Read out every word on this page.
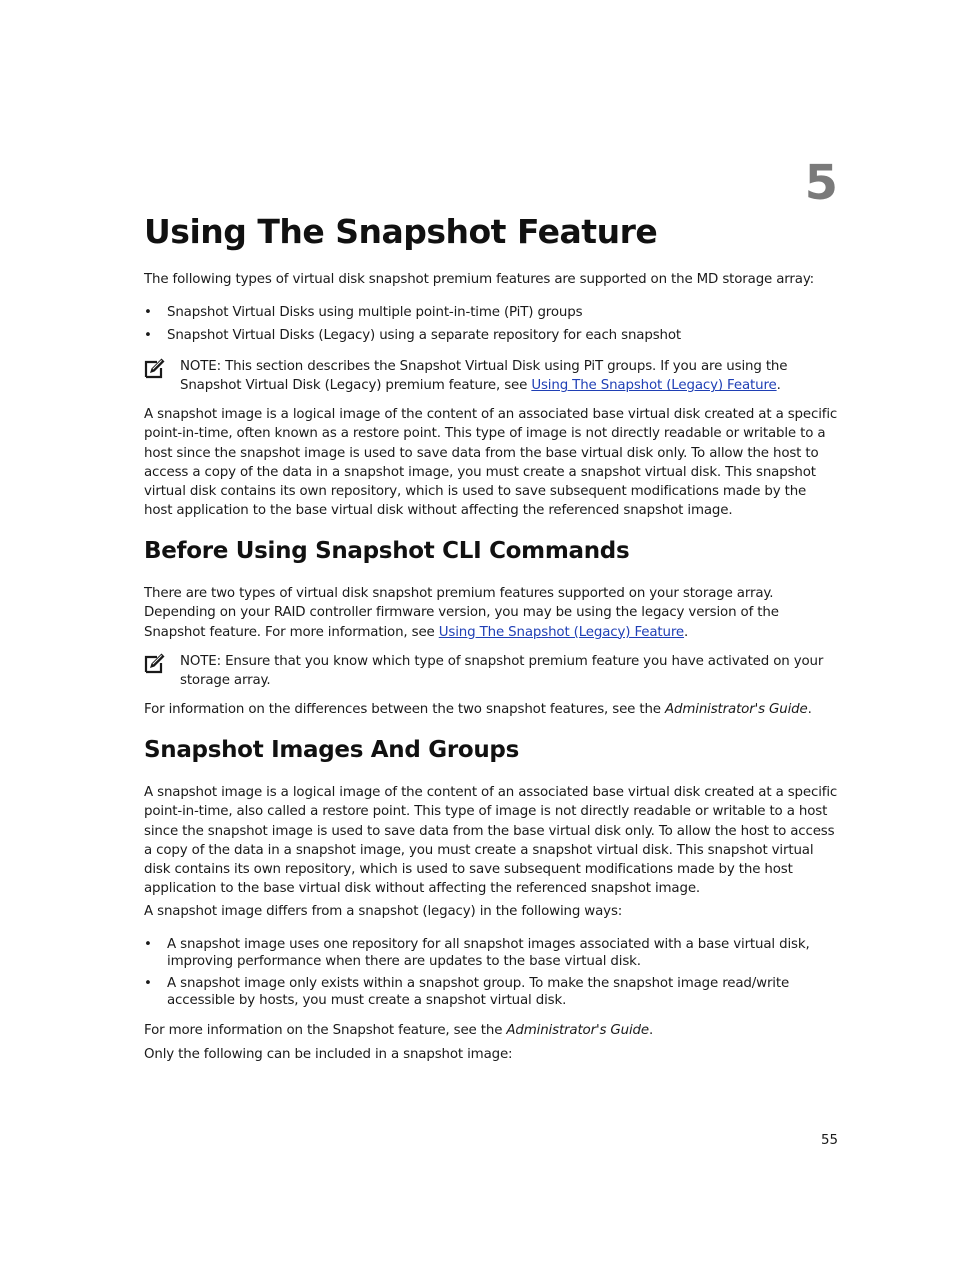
5
Using The Snapshot Feature

The following types of virtual disk snapshot premium features are supported on the MD storage array:

• Snapshot Virtual Disks using multiple point-in-time (PiT) groups
• Snapshot Virtual Disks (Legacy) using a separate repository for each snapshot
NOTE: This section describes the Snapshot Virtual Disk using PiT groups. If you are using the Snapshot Virtual Disk (Legacy) premium feature, see Using The Snapshot (Legacy) Feature.

A snapshot image is a logical image of the content of an associated base virtual disk created at a specific point-in-time, often known as a restore point. This type of image is not directly readable or writable to a host since the snapshot image is used to save data from the base virtual disk only. To allow the host to access a copy of the data in a snapshot image, you must create a snapshot virtual disk. This snapshot virtual disk contains its own repository, which is used to save subsequent modifications made by the host application to the base virtual disk without affecting the referenced snapshot image.

Before Using Snapshot CLI Commands

There are two types of virtual disk snapshot premium features supported on your storage array. Depending on your RAID controller firmware version, you may be using the legacy version of the Snapshot feature. For more information, see Using The Snapshot (Legacy) Feature.

NOTE: Ensure that you know which type of snapshot premium feature you have activated on your storage array.

For information on the differences between the two snapshot features, see the Administrator's Guide.

Snapshot Images And Groups

A snapshot image is a logical image of the content of an associated base virtual disk created at a specific point-in-time, also called a restore point. This type of image is not directly readable or writable to a host since the snapshot image is used to save data from the base virtual disk only. To allow the host to access a copy of the data in a snapshot image, you must create a snapshot virtual disk. This snapshot virtual disk contains its own repository, which is used to save subsequent modifications made by the host application to the base virtual disk without affecting the referenced snapshot image.

A snapshot image differs from a snapshot (legacy) in the following ways:

• A snapshot image uses one repository for all snapshot images associated with a base virtual disk, improving performance when there are updates to the base virtual disk.
• A snapshot image only exists within a snapshot group. To make the snapshot image read/write accessible by hosts, you must create a snapshot virtual disk.

For more information on the Snapshot feature, see the Administrator's Guide.

Only the following can be included in a snapshot image:

55
